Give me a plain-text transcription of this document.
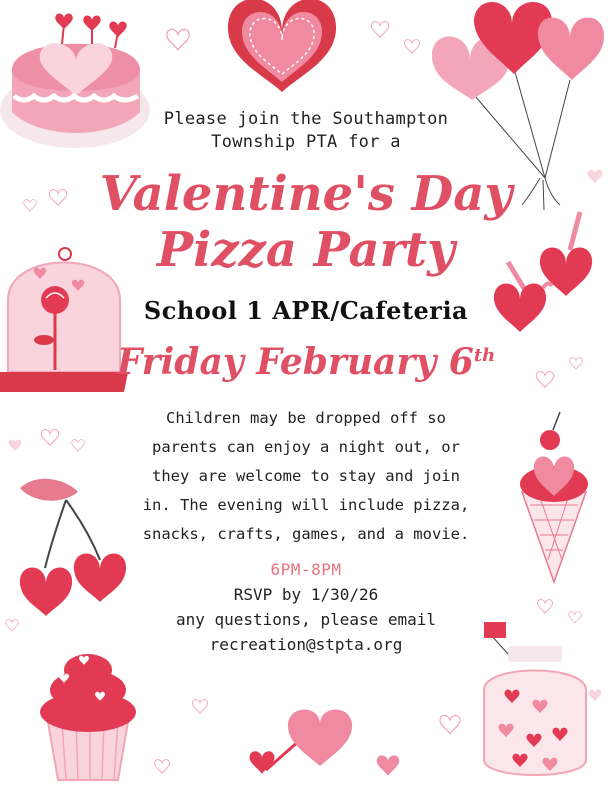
Please join the Southampton
Township PTA for a
Valentine's Day
Pizza Party
School 1 APR/Cafeteria
Friday February 6th
Children may be dropped off so
parents can enjoy a night out, or
they are welcome to stay and join
in. The evening will include pizza,
snacks, crafts, games, and a movie.
6PM-8PM
RSVP by 1/30/26
any questions, please email
recreation@stpta.org
